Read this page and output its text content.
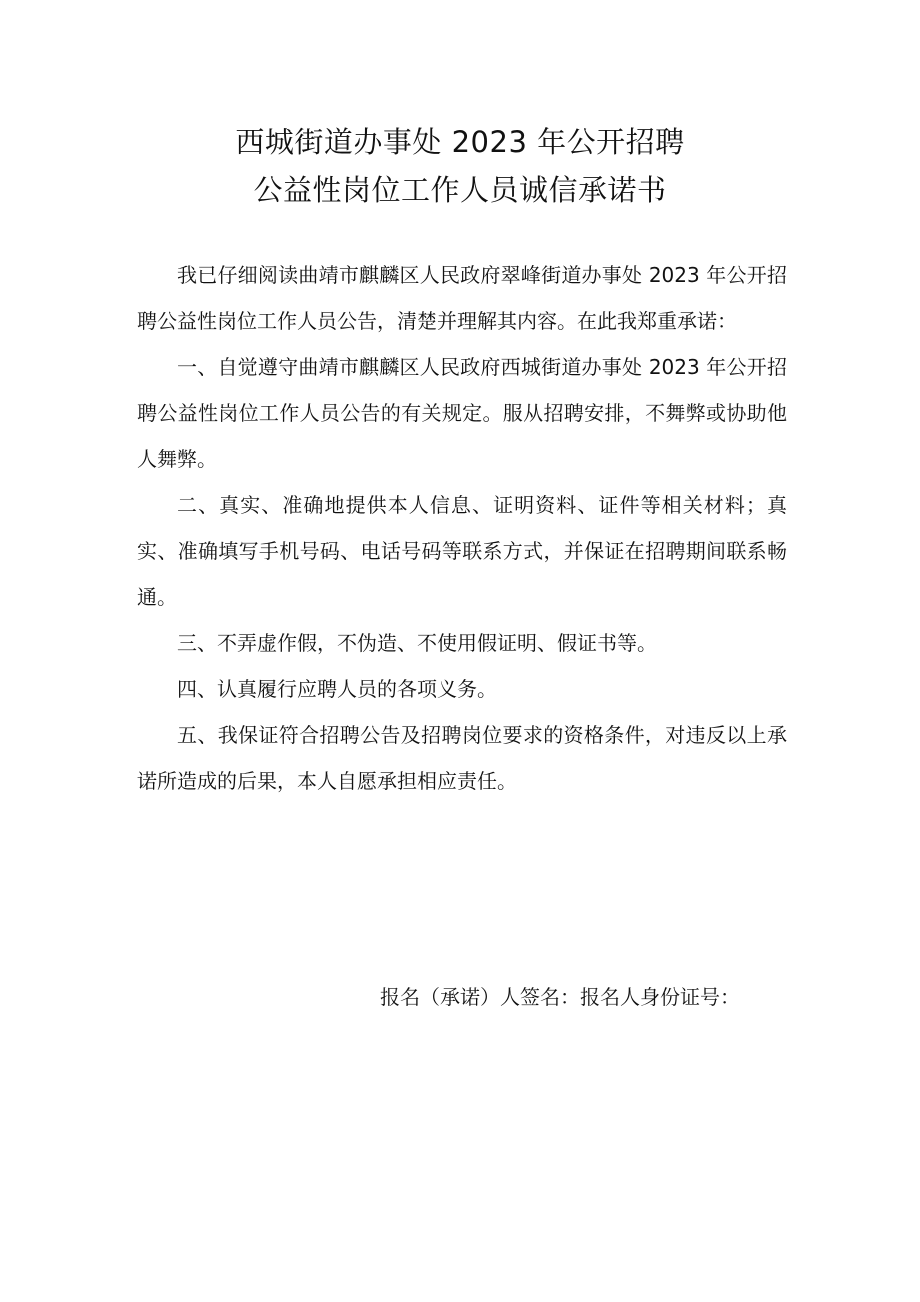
西城街道办事处 2023 年公开招聘
公益性岗位工作人员诚信承诺书

我已仔细阅读曲靖市麒麟区人民政府翠峰街道办事处 2023 年公开招聘公益性岗位工作人员公告，清楚并理解其内容。在此我郑重承诺：

一、自觉遵守曲靖市麒麟区人民政府西城街道办事处 2023 年公开招聘公益性岗位工作人员公告的有关规定。服从招聘安排，不舞弊或协助他人舞弊。

二、真实、准确地提供本人信息、证明资料、证件等相关材料；真实、准确填写手机号码、电话号码等联系方式，并保证在招聘期间联系畅通。

三、不弄虚作假，不伪造、不使用假证明、假证书等。

四、认真履行应聘人员的各项义务。

五、我保证符合招聘公告及招聘岗位要求的资格条件，对违反以上承诺所造成的后果，本人自愿承担相应责任。

报名（承诺）人签名：报名人身份证号：
